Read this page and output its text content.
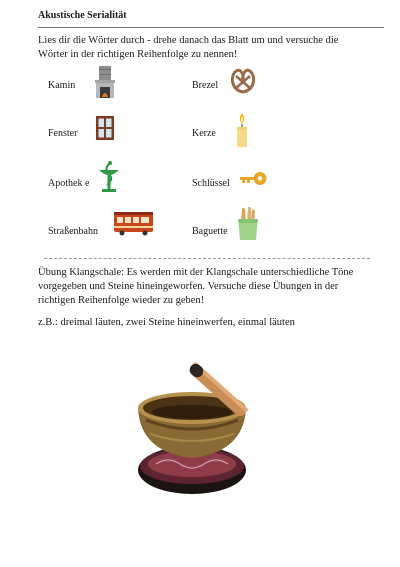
Akustische Serialität
Lies dir die Wörter durch - drehe danach das Blatt um und versuche die Wörter in der richtigen Reihenfolge zu nennen!
Kamin
Fenster
Apothek e
Straßenbahn
Brezel
Kerze
Schlüssel
Baguette
Übung Klangschale: Es werden mit der Klangschale unterschiedliche Töne vorgegeben und Steine hineingeworfen. Versuche diese Übungen in der richtigen Reihenfolge wieder zu geben!
z.B.: dreimal läuten, zwei Steine hineinwerfen, einmal läuten
